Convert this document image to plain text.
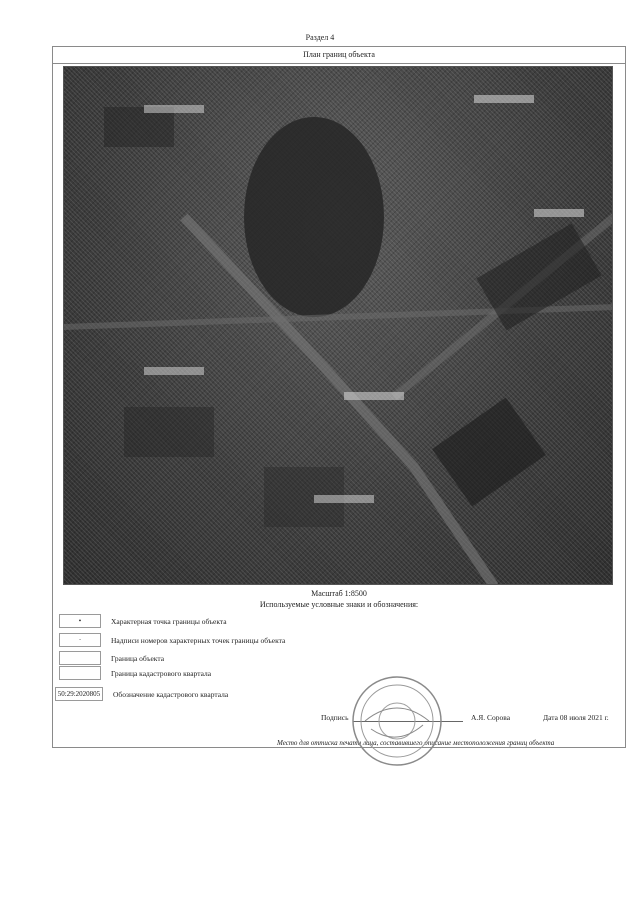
Раздел 4
План границ объекта
Масштаб 1:8500
Используемые условные знаки и обозначения:
•	Характерная точка границы объекта
·	Надписи номеров характерных точек границы объекта
Граница объекта
Граница кадастрового квартала
50:29:2020805	Обозначение кадастрового квартала
Подпись	А.Я. Сорова	Дата 08 июля 2021 г.
Место для оттиска печати лица, составившего описание местоположения границ объекта
